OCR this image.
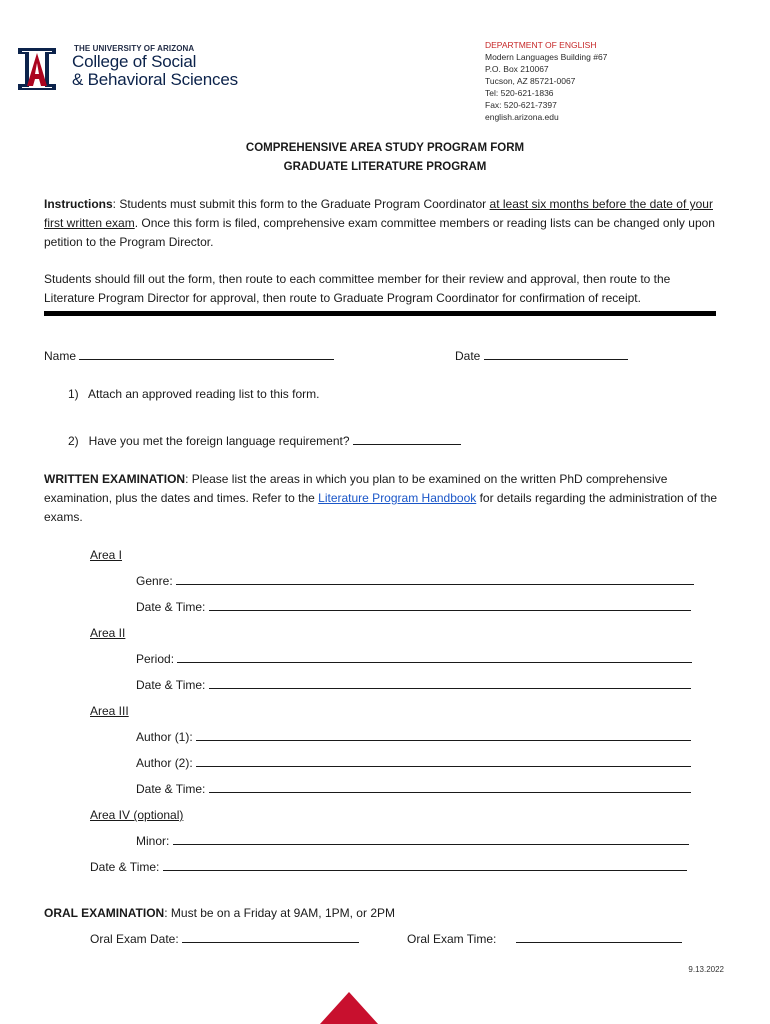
THE UNIVERSITY OF ARIZONA
College of Social
& Behavioral Sciences
DEPARTMENT OF ENGLISH
Modern Languages Building #67
P.O. Box 210067
Tucson, AZ 85721-0067
Tel: 520-621-1836
Fax: 520-621-7397
english.arizona.edu
COMPREHENSIVE AREA STUDY PROGRAM FORM
GRADUATE LITERATURE PROGRAM
Instructions: Students must submit this form to the Graduate Program Coordinator at least six months before the date of your first written exam. Once this form is filed, comprehensive exam committee members or reading lists can be changed only upon petition to the Program Director.
Students should fill out the form, then route to each committee member for their review and approval, then route to the Literature Program Director for approval, then route to Graduate Program Coordinator for confirmation of receipt.
Name	Date
1)   Attach an approved reading list to this form.
2)   Have you met the foreign language requirement?
WRITTEN EXAMINATION: Please list the areas in which you plan to be examined on the written PhD comprehensive examination, plus the dates and times. Refer to the Literature Program Handbook for details regarding the administration of the exams.
Area I
Genre:
Date & Time:
Area II
Period:
Date & Time:
Area III
Author (1):
Author (2):
Date & Time:
Area IV (optional)
Minor:
Date & Time:
ORAL EXAMINATION: Must be on a Friday at 9AM, 1PM, or 2PM
Oral Exam Date:	Oral Exam Time:
9.13.2022
